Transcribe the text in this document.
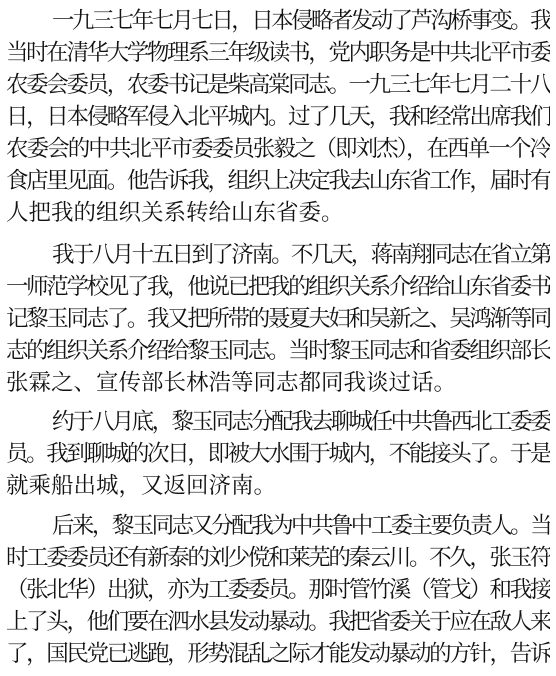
一九三七年七月七日，日本侵略者发动了芦沟桥事变。我
当时在清华大学物理系三年级读书，党内职务是中共北平市委
农委会委员，农委书记是柴高棠同志。一九三七年七月二十八
日，日本侵略军侵入北平城内。过了几天，我和经常出席我们
农委会的中共北平市委委员张毅之（即刘杰），在西单一个冷
食店里见面。他告诉我，组织上决定我去山东省工作，届时有
人把我的组织关系转给山东省委。
我于八月十五日到了济南。不几天，蒋南翔同志在省立第
一师范学校见了我，他说已把我的组织关系介绍给山东省委书
记黎玉同志了。我又把所带的聂夏夫妇和吴新之、吴鸿渐等同
志的组织关系介绍给黎玉同志。当时黎玉同志和省委组织部长
张霖之、宣传部长林浩等同志都同我谈过话。
约于八月底，黎玉同志分配我去聊城任中共鲁西北工委委
员。我到聊城的次日，即被大水围于城内，不能接头了。于是
就乘船出城，又返回济南。
后来，黎玉同志又分配我为中共鲁中工委主要负责人。当
时工委委员还有新泰的刘少傥和莱芜的秦云川。不久，张玉符
（张北华）出狱，亦为工委委员。那时管竹溪（管戈）和我接
上了头，他们要在泗水县发动暴动。我把省委关于应在敌人来
了，国民党已逃跑，形势混乱之际才能发动暴动的方针，告诉
